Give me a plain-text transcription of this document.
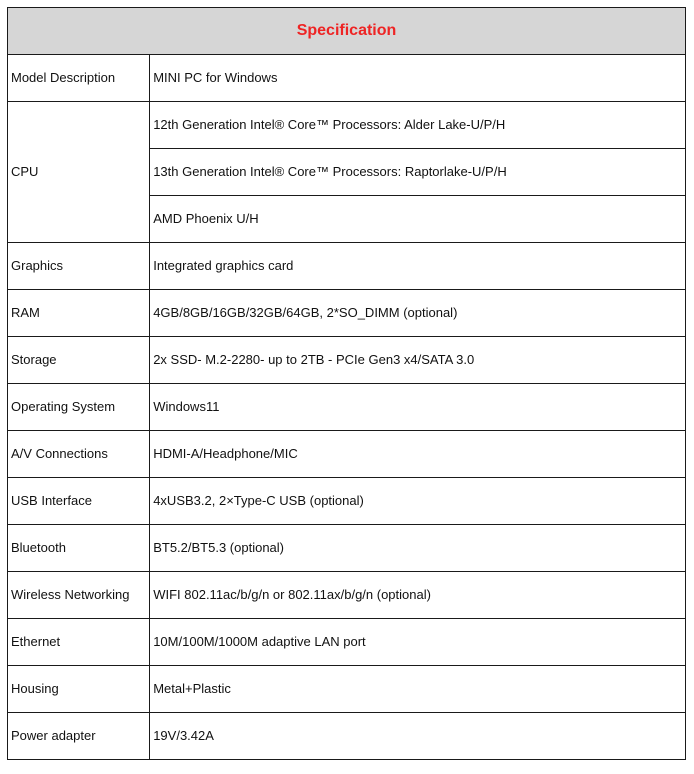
Specification	
Model Description	MINI PC for Windows
CPU	12th Generation Intel® Core™ Processors: Alder Lake-U/P/H
	13th Generation Intel® Core™ Processors: Raptorlake-U/P/H
	AMD Phoenix U/H
Graphics	Integrated graphics card
RAM	4GB/8GB/16GB/32GB/64GB, 2*SO_DIMM (optional)
Storage	2x SSD- M.2-2280- up to 2TB - PCIe Gen3 x4/SATA 3.0
Operating System	Windows11
A/V Connections	HDMI-A/Headphone/MIC
USB Interface	4xUSB3.2, 2×Type-C USB (optional)
Bluetooth	BT5.2/BT5.3 (optional)
Wireless Networking	WIFI 802.11ac/b/g/n or 802.11ax/b/g/n (optional)
Ethernet	10M/100M/1000M adaptive LAN port
Housing	Metal+Plastic
Power adapter	19V/3.42A
